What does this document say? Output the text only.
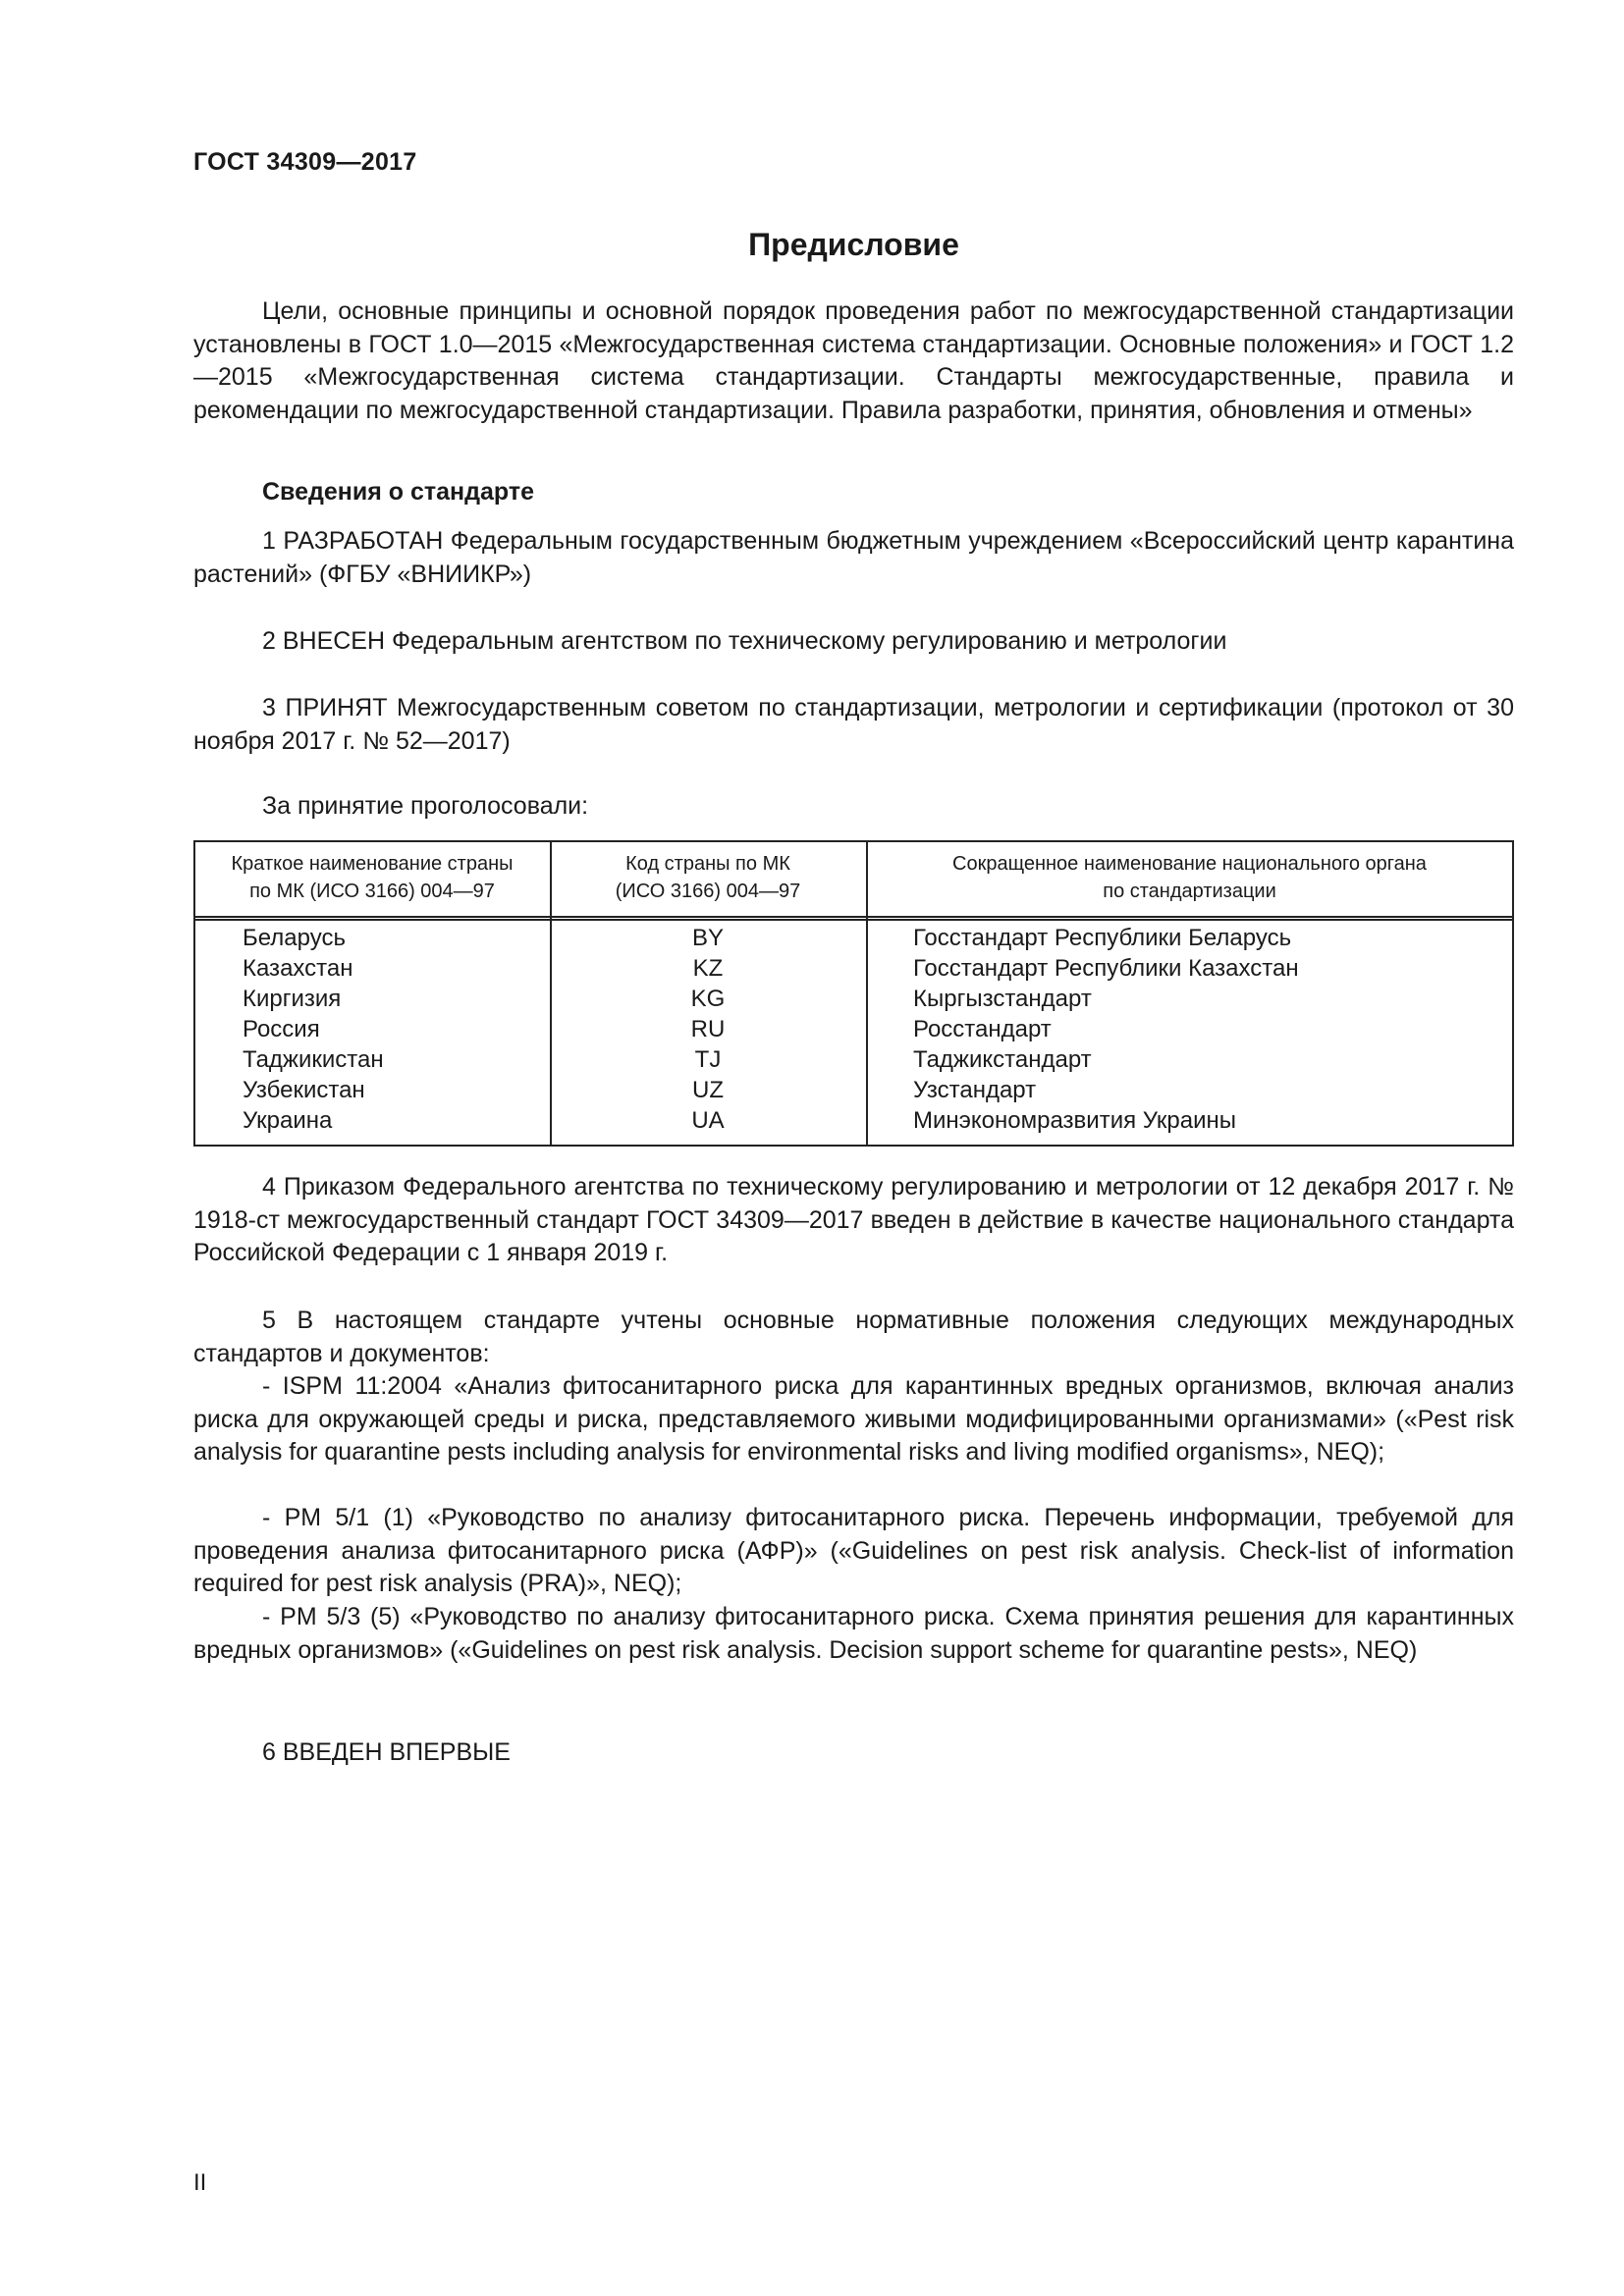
ГОСТ 34309—2017
Предисловие

Цели, основные принципы и основной порядок проведения работ по межгосударственной стандартизации установлены в ГОСТ 1.0—2015 «Межгосударственная система стандартизации. Основные положения» и ГОСТ 1.2—2015 «Межгосударственная система стандартизации. Стандарты межгосударственные, правила и рекомендации по межгосударственной стандартизации. Правила разработки, принятия, обновления и отмены»

Сведения о стандарте

1 РАЗРАБОТАН Федеральным государственным бюджетным учреждением «Всероссийский центр карантина растений» (ФГБУ «ВНИИКР»)

2 ВНЕСЕН Федеральным агентством по техническому регулированию и метрологии

3 ПРИНЯТ Межгосударственным советом по стандартизации, метрологии и сертификации (протокол от 30 ноября 2017 г. № 52—2017)

За принятие проголосовали:
Краткое наименование страны
по МК (ИСО 3166) 004—97
Код страны по МК
(ИСО 3166) 004—97
Сокращенное наименование национального органа
по стандартизации
Беларусь
Казахстан
Киргизия
Россия
Таджикистан
Узбекистан
Украина
BY
KZ
KG
RU
TJ
UZ
UA
Госстандарт Республики Беларусь
Госстандарт Республики Казахстан
Кыргызстандарт
Росстандарт
Таджикстандарт
Узстандарт
Минэкономразвития Украины

4 Приказом Федерального агентства по техническому регулированию и метрологии от 12 декабря 2017 г. № 1918-ст межгосударственный стандарт ГОСТ 34309—2017 введен в действие в качестве национального стандарта Российской Федерации с 1 января 2019 г.

5 В настоящем стандарте учтены основные нормативные положения следующих международных стандартов и документов:

- ISPM 11:2004 «Анализ фитосанитарного риска для карантинных вредных организмов, включая анализ риска для окружающей среды и риска, представляемого живыми модифицированными организмами» («Pest risk analysis for quarantine pests including analysis for environmental risks and living modified organisms», NEQ);

- PM 5/1 (1) «Руководство по анализу фитосанитарного риска. Перечень информации, требуемой для проведения анализа фитосанитарного риска (АФР)» («Guidelines on pest risk analysis. Check-list of information required for pest risk analysis (PRA)», NEQ);

- PM 5/3 (5) «Руководство по анализу фитосанитарного риска. Схема принятия решения для карантинных вредных организмов» («Guidelines on pest risk analysis. Decision support scheme for quarantine pests», NEQ)

6 ВВЕДЕН ВПЕРВЫЕ
II
